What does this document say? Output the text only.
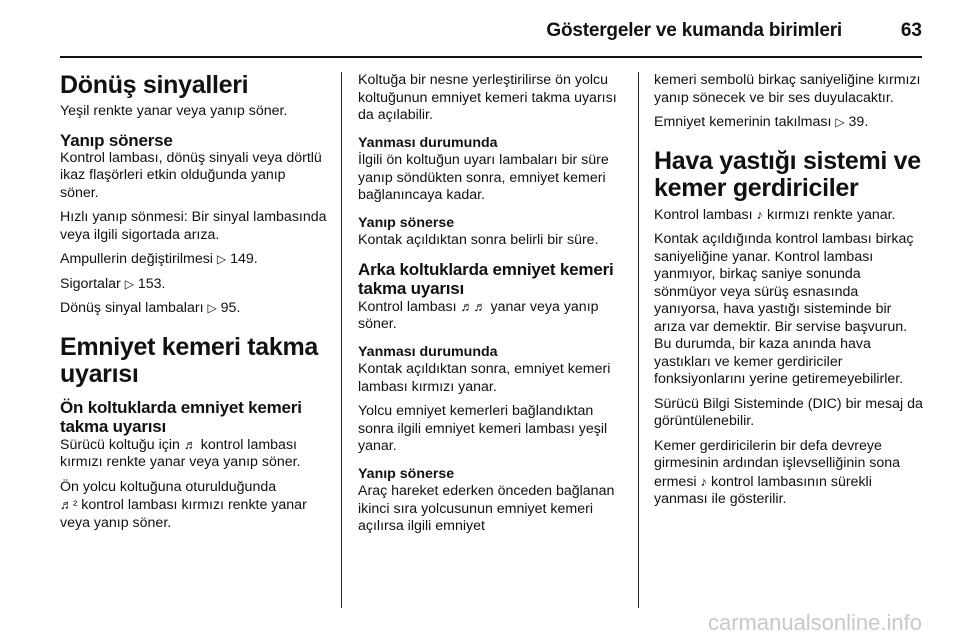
Göstergeler ve kumanda birimleri	63
Dönüş sinyalleri

Yeşil renkte yanar veya yanıp söner.

Yanıp sönerse

Kontrol lambası, dönüş sinyali veya dörtlü ikaz flaşörleri etkin olduğunda yanıp söner.

Hızlı yanıp sönmesi: Bir sinyal lambasında veya ilgili sigortada arıza.

Ampullerin değiştirilmesi ▷ 149.

Sigortalar ▷ 153.

Dönüş sinyal lambaları ▷ 95.

Emniyet kemeri takma uyarısı
Ön koltuklarda emniyet kemeri takma uyarısı

Sürücü koltuğu için ♬ kontrol lambası kırmızı renkte yanar veya yanıp söner.

Ön yolcu koltuğuna oturulduğunda
♬² kontrol lambası kırmızı renkte yanar veya yanıp söner.

Koltuğa bir nesne yerleştirilirse ön yolcu koltuğunun emniyet kemeri takma uyarısı da açılabilir.

Yanması durumunda

İlgili ön koltuğun uyarı lambaları bir süre yanıp söndükten sonra, emniyet kemeri bağlanıncaya kadar.

Yanıp sönerse

Kontak açıldıktan sonra belirli bir süre.

Arka koltuklarda emniyet kemeri takma uyarısı

Kontrol lambası ♬♬ yanar veya yanıp söner.

Yanması durumunda

Kontak açıldıktan sonra, emniyet kemeri lambası kırmızı yanar.

Yolcu emniyet kemerleri bağlandıktan sonra ilgili emniyet kemeri lambası yeşil yanar.

Yanıp sönerse

Araç hareket ederken önceden bağlanan ikinci sıra yolcusunun emniyet kemeri açılırsa ilgili emniyet

kemeri sembolü birkaç saniyeliğine kırmızı yanıp sönecek ve bir ses duyulacaktır.

Emniyet kemerinin takılması ▷ 39.

Hava yastığı sistemi ve kemer gerdiriciler

Kontrol lambası ♪ kırmızı renkte yanar.

Kontak açıldığında kontrol lambası birkaç saniyeliğine yanar. Kontrol lambası yanmıyor, birkaç saniye sonunda sönmüyor veya sürüş esnasında yanıyorsa, hava yastığı sisteminde bir arıza var demektir. Bir servise başvurun. Bu durumda, bir kaza anında hava yastıkları ve kemer gerdiriciler fonksiyonlarını yerine getiremeyebilirler.

Sürücü Bilgi Sisteminde (DIC) bir mesaj da görüntülenebilir.

Kemer gerdiricilerin bir defa devreye girmesinin ardından işlevselliğinin sona ermesi ♪ kontrol lambasının sürekli yanması ile gösterilir.

carmanualsonline.info
